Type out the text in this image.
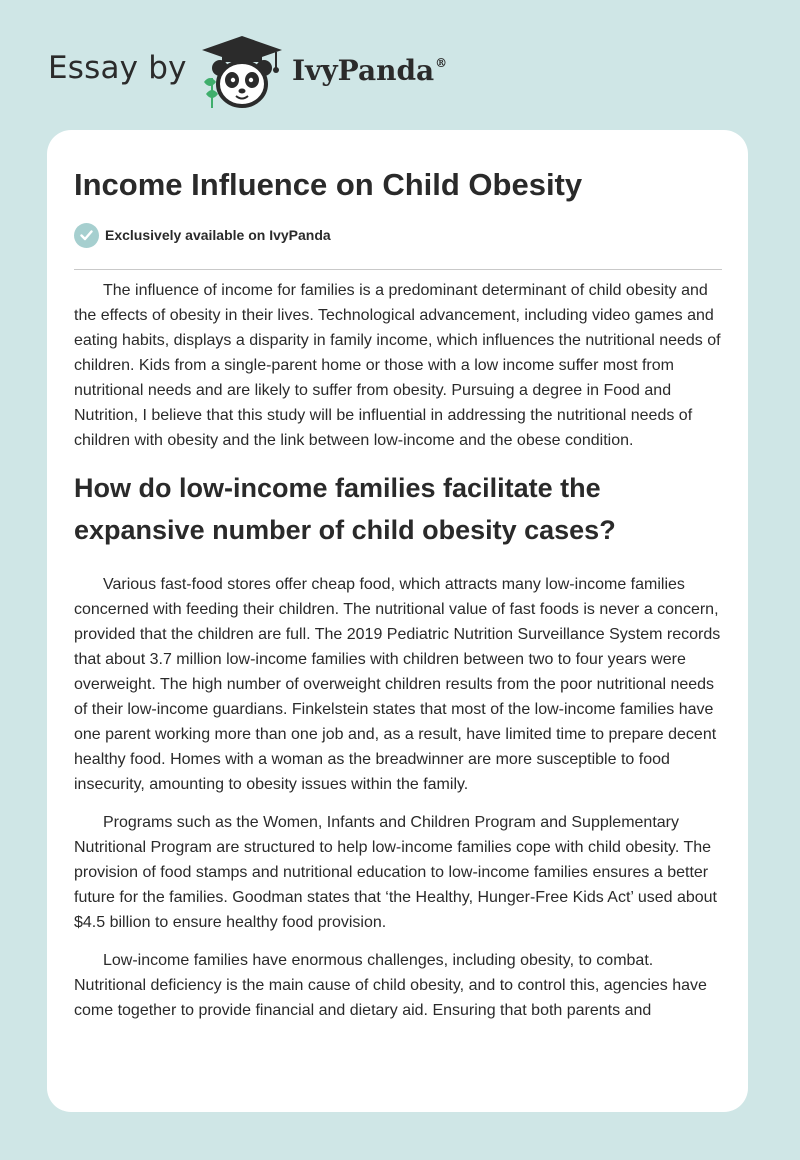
Essay by	IvyPanda®
Income Influence on Child Obesity
Exclusively available on IvyPanda

The influence of income for families is a predominant determinant of child obesity and the effects of obesity in their lives. Technological advancement, including video games and eating habits, displays a disparity in family income, which influences the nutritional needs of children. Kids from a single-parent home or those with a low income suffer most from nutritional needs and are likely to suffer from obesity. Pursuing a degree in Food and Nutrition, I believe that this study will be influential in addressing the nutritional needs of children with obesity and the link between low-income and the obese condition.

How do low-income families facilitate the expansive number of child obesity cases?

Various fast-food stores offer cheap food, which attracts many low-income families concerned with feeding their children. The nutritional value of fast foods is never a concern, provided that the children are full. The 2019 Pediatric Nutrition Surveillance System records that about 3.7 million low-income families with children between two to four years were overweight. The high number of overweight children results from the poor nutritional needs of their low-income guardians. Finkelstein states that most of the low-income families have one parent working more than one job and, as a result, have limited time to prepare decent healthy food. Homes with a woman as the breadwinner are more susceptible to food insecurity, amounting to obesity issues within the family.

Programs such as the Women, Infants and Children Program and Supplementary Nutritional Program are structured to help low-income families cope with child obesity. The provision of food stamps and nutritional education to low-income families ensures a better future for the families. Goodman states that ‘the Healthy, Hunger-Free Kids Act’ used about $4.5 billion to ensure healthy food provision.

Low-income families have enormous challenges, including obesity, to combat. Nutritional deficiency is the main cause of child obesity, and to control this, agencies have come together to provide financial and dietary aid. Ensuring that both parents and
